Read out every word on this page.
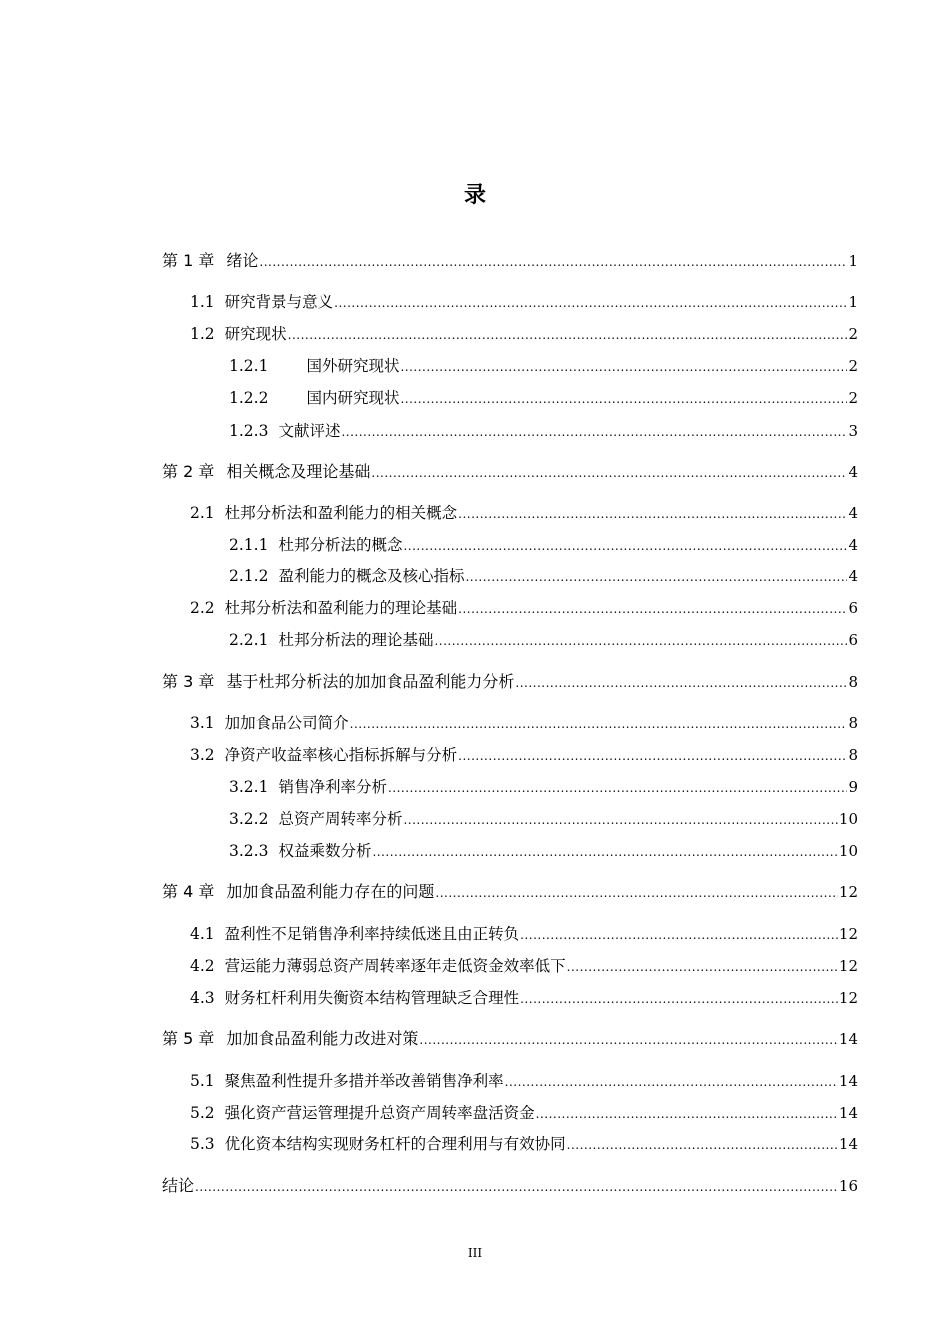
录
第 1 章 绪论 .....	1
1.1 研究背景与意义 .....	1
1.2 研究现状 .....	2
1.2.1 国外研究现状 .....	2
1.2.2 国内研究现状 .....	2
1.2.3 文献评述 .....	3
第 2 章 相关概念及理论基础 .....	4
2.1 杜邦分析法和盈利能力的相关概念 .....	4
2.1.1 杜邦分析法的概念 .....	4
2.1.2 盈利能力的概念及核心指标 .....	4
2.2 杜邦分析法和盈利能力的理论基础 .....	6
2.2.1 杜邦分析法的理论基础 .....	6
第 3 章 基于杜邦分析法的加加食品盈利能力分析 .....	8
3.1 加加食品公司简介 .....	8
3.2 净资产收益率核心指标拆解与分析 .....	8
3.2.1 销售净利率分析 .....	9
3.2.2 总资产周转率分析 .....	10
3.2.3 权益乘数分析 .....	10
第 4 章 加加食品盈利能力存在的问题 .....	12
4.1 盈利性不足销售净利率持续低迷且由正转负 .....	12
4.2 营运能力薄弱总资产周转率逐年走低资金效率低下 .....	12
4.3 财务杠杆利用失衡资本结构管理缺乏合理性 .....	12
第 5 章 加加食品盈利能力改进对策 .....	14
5.1 聚焦盈利性提升多措并举改善销售净利率 .....	14
5.2 强化资产营运管理提升总资产周转率盘活资金 .....	14
5.3 优化资本结构实现财务杠杆的合理利用与有效协同 .....	14
结论 .....	16
III
